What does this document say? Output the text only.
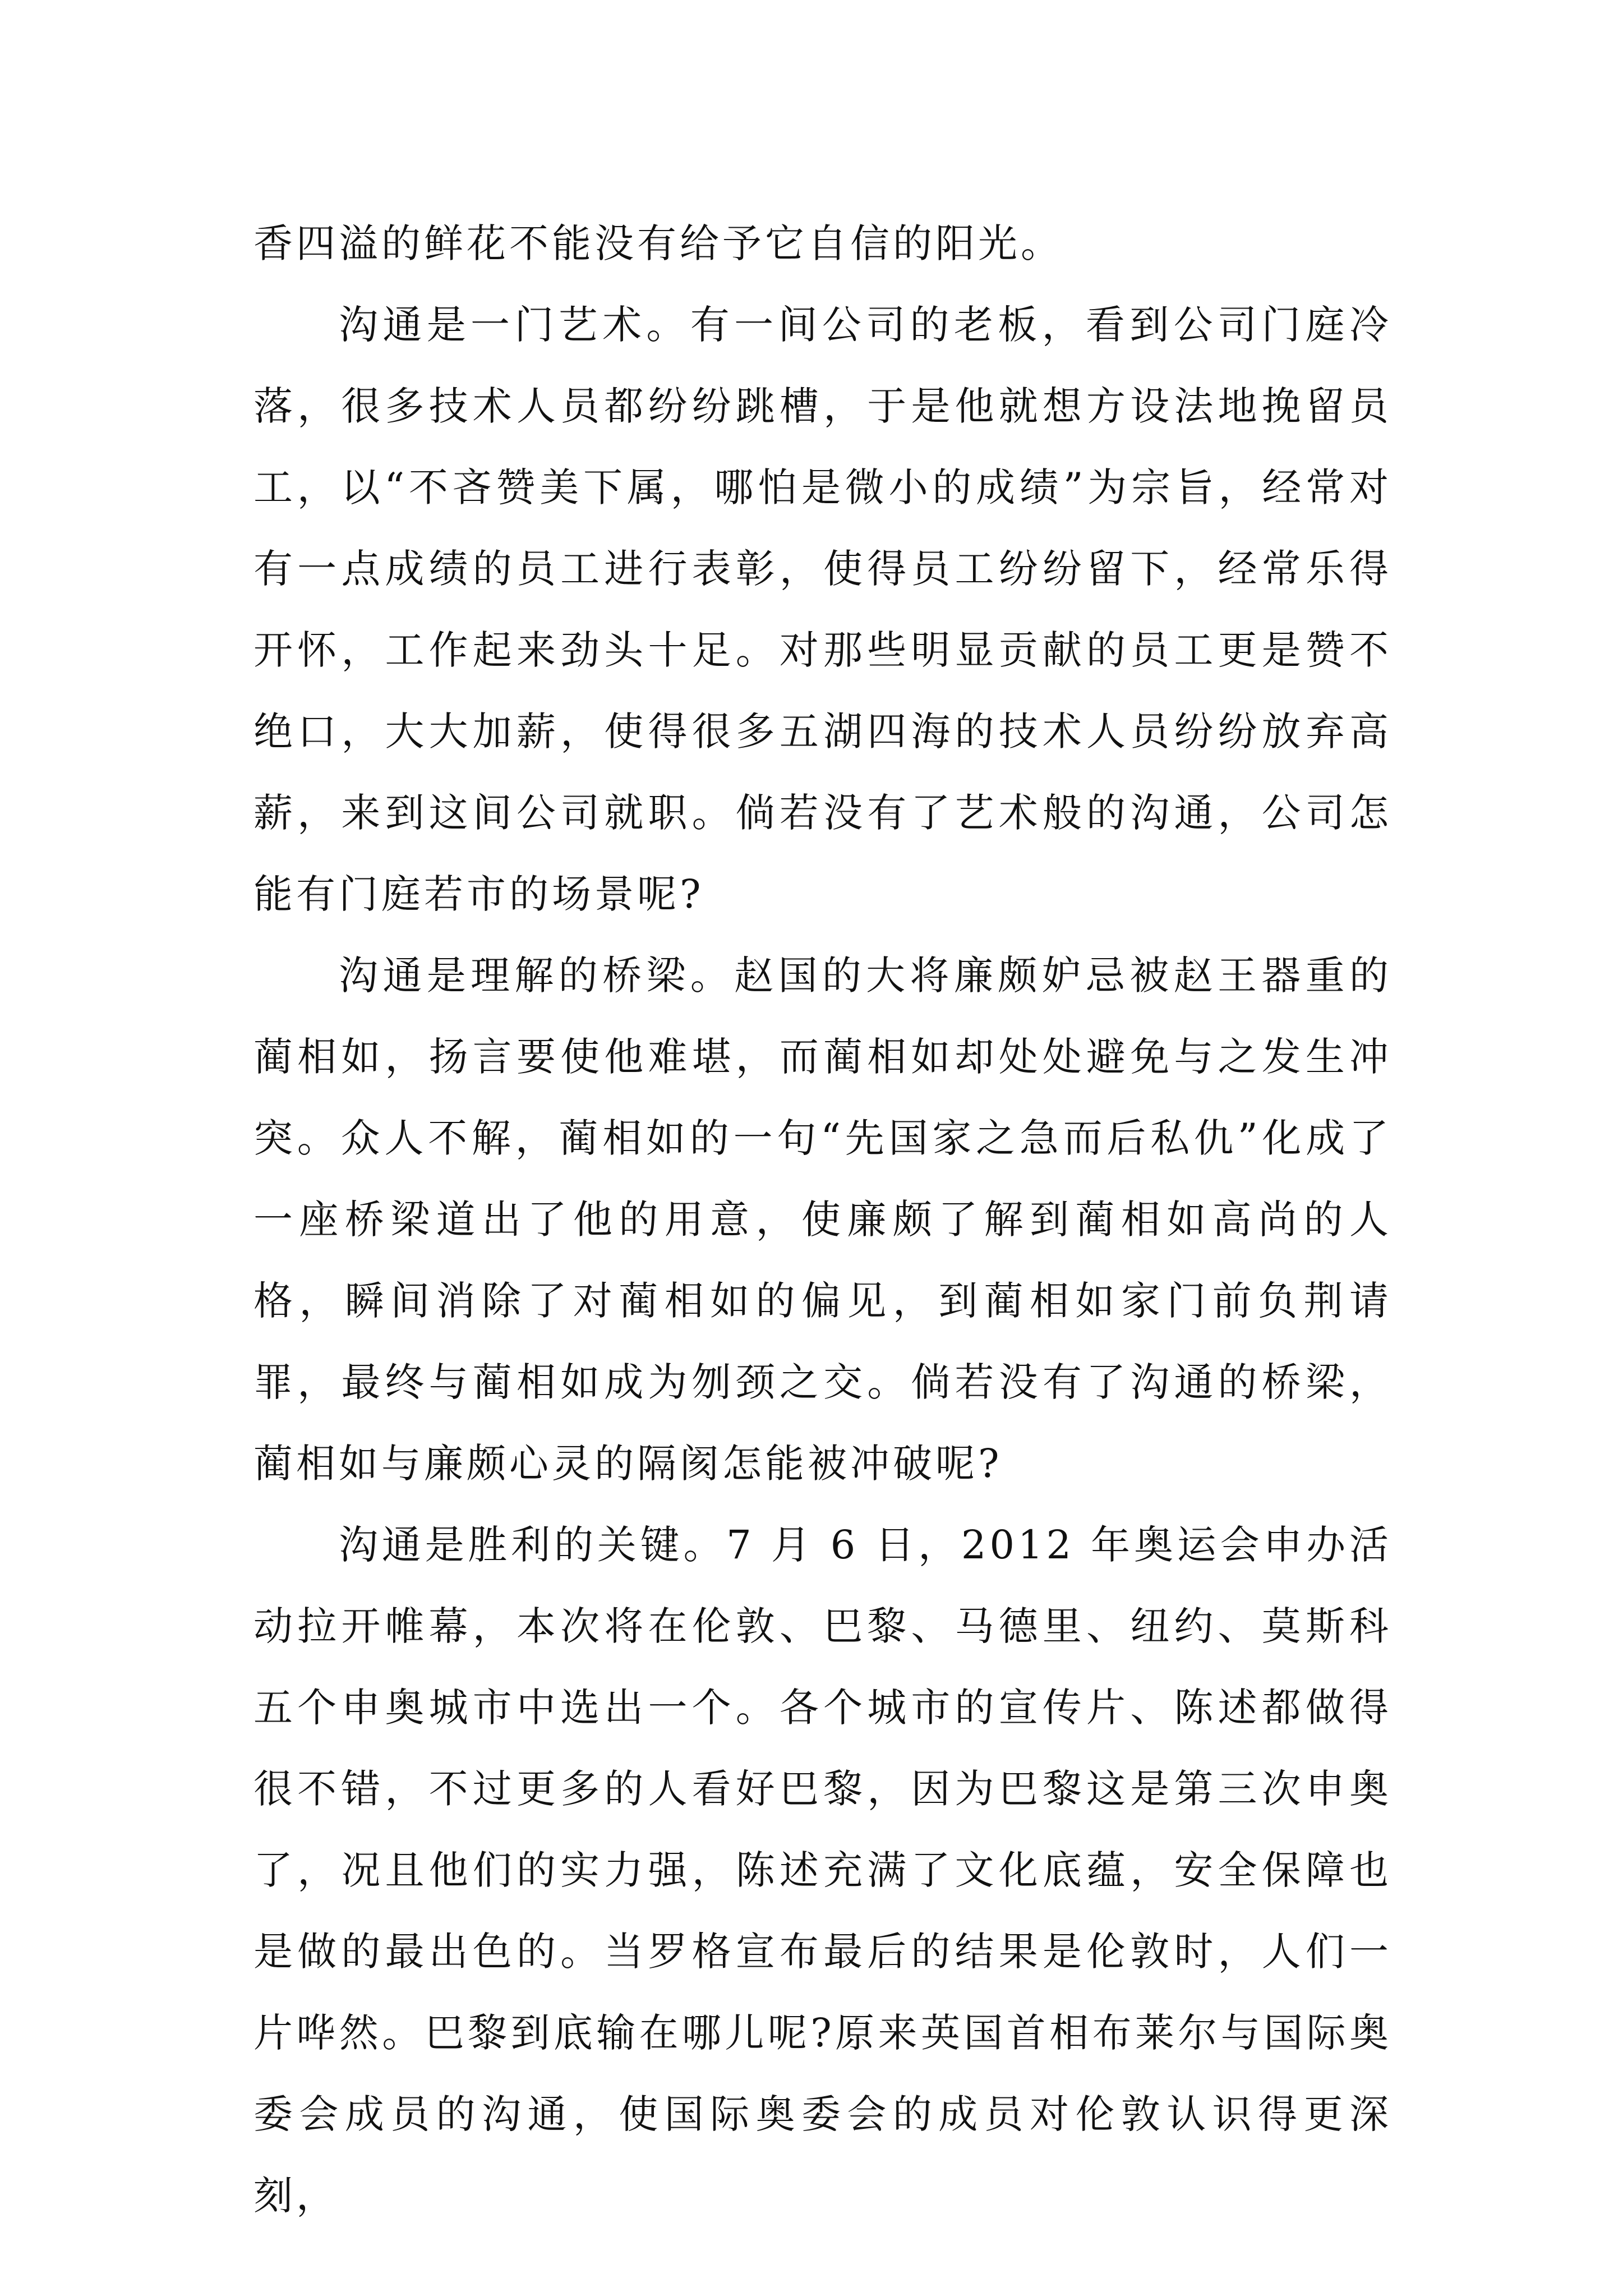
香四溢的鲜花不能没有给予它自信的阳光。

沟通是一门艺术。有一间公司的老板，看到公司门庭冷落，很多技术人员都纷纷跳槽，于是他就想方设法地挽留员工，以“不吝赞美下属，哪怕是微小的成绩”为宗旨，经常对有一点成绩的员工进行表彰，使得员工纷纷留下，经常乐得开怀，工作起来劲头十足。对那些明显贡献的员工更是赞不绝口，大大加薪，使得很多五湖四海的技术人员纷纷放弃高薪，来到这间公司就职。倘若没有了艺术般的沟通，公司怎能有门庭若市的场景呢?

沟通是理解的桥梁。赵国的大将廉颇妒忌被赵王器重的蔺相如，扬言要使他难堪，而蔺相如却处处避免与之发生冲突。众人不解，蔺相如的一句“先国家之急而后私仇”化成了一座桥梁道出了他的用意，使廉颇了解到蔺相如高尚的人格，瞬间消除了对蔺相如的偏见，到蔺相如家门前负荆请罪，最终与蔺相如成为刎颈之交。倘若没有了沟通的桥梁，蔺相如与廉颇心灵的隔阂怎能被冲破呢?

沟通是胜利的关键。7 月 6 日，2012 年奥运会申办活动拉开帷幕，本次将在伦敦、巴黎、马德里、纽约、莫斯科五个申奥城市中选出一个。各个城市的宣传片、陈述都做得很不错，不过更多的人看好巴黎，因为巴黎这是第三次申奥了，况且他们的实力强，陈述充满了文化底蕴，安全保障也是做的最出色的。当罗格宣布最后的结果是伦敦时，人们一片哗然。巴黎到底输在哪儿呢?原来英国首相布莱尔与国际奥委会成员的沟通，使国际奥委会的成员对伦敦认识得更深刻，
